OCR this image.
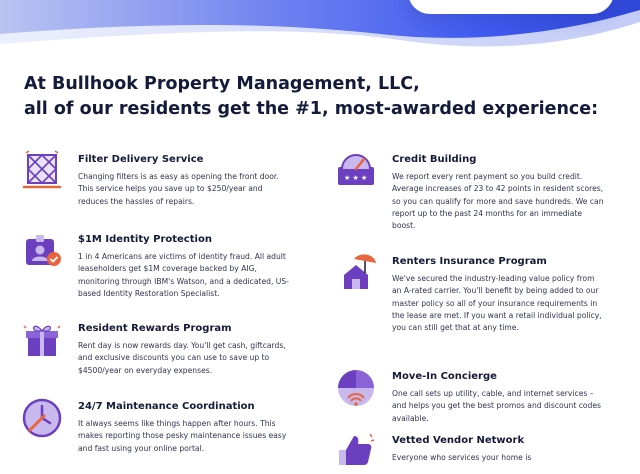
At Bullhook Property Management, LLC,
all of our residents get the #1, most-awarded experience:
Filter Delivery Service

Changing filters is as easy as opening the front door. This service helps you save up to $250/year and reduces the hassles of repairs.

★ ★ ★
Credit Building

We report every rent payment so you build credit. Average increases of 23 to 42 points in resident scores, so you can qualify for more and save hundreds. We can report up to the past 24 months for an immediate boost.

$1M Identity Protection

1 in 4 Americans are victims of identity fraud. All adult leaseholders get $1M coverage backed by AIG, monitoring through IBM's Watson, and a dedicated, US-based Identity Restoration Specialist.

Renters Insurance Program

We've secured the industry-leading value policy from an A-rated carrier. You'll benefit by being added to our master policy so all of your insurance requirements in the lease are met. If you want a retail individual policy, you can still get that at any time.

Resident Rewards Program

Rent day is now rewards day. You'll get cash, giftcards, and exclusive discounts you can use to save up to $4500/year on everyday expenses.

Move-In Concierge

One call sets up utility, cable, and internet services – and helps you get the best promos and discount codes available.

24/7 Maintenance Coordination

It always seems like things happen after hours. This makes reporting those pesky maintenance issues easy and fast using your online portal.

Vetted Vendor Network

Everyone who services your home is
